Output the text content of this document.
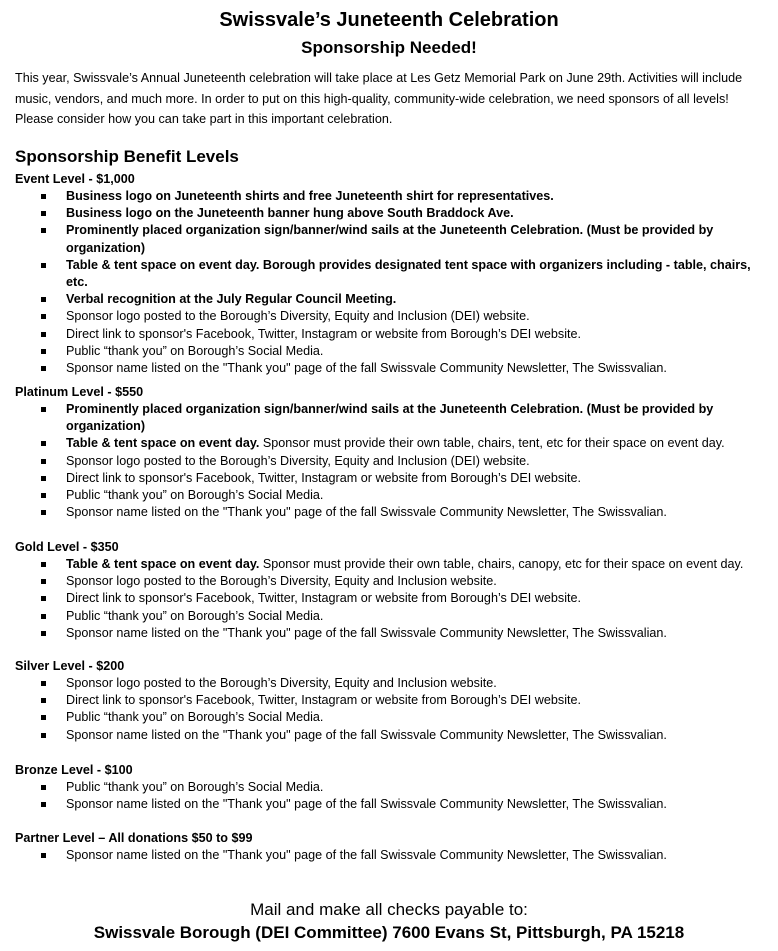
Swissvale’s Juneteenth Celebration
Sponsorship Needed!
This year, Swissvale’s Annual Juneteenth celebration will take place at Les Getz Memorial Park on June 29th. Activities will include music, vendors, and much more. In order to put on this high-quality, community-wide celebration, we need sponsors of all levels! Please consider how you can take part in this important celebration.
Sponsorship Benefit Levels
Event Level - $1,000
Business logo on Juneteenth shirts and free Juneteenth shirt for representatives.
Business logo on the Juneteenth banner hung above South Braddock Ave.
Prominently placed organization sign/banner/wind sails at the Juneteenth Celebration. (Must be provided by organization)
Table & tent space on event day. Borough provides designated tent space with organizers including - table, chairs, etc.
Verbal recognition at the July Regular Council Meeting.
Sponsor logo posted to the Borough’s Diversity, Equity and Inclusion (DEI) website.
Direct link to sponsor's Facebook, Twitter, Instagram or website from Borough’s DEI website.
Public “thank you” on Borough’s Social Media.
Sponsor name listed on the "Thank you" page of the fall Swissvale Community Newsletter, The Swissvalian.
Platinum Level - $550
Prominently placed organization sign/banner/wind sails at the Juneteenth Celebration. (Must be provided by organization)
Table & tent space on event day. Sponsor must provide their own table, chairs, tent, etc for their space on event day.
Sponsor logo posted to the Borough’s Diversity, Equity and Inclusion (DEI) website.
Direct link to sponsor's Facebook, Twitter, Instagram or website from Borough’s DEI website.
Public “thank you” on Borough’s Social Media.
Sponsor name listed on the "Thank you" page of the fall Swissvale Community Newsletter, The Swissvalian.
Gold Level - $350
Table & tent space on event day. Sponsor must provide their own table, chairs, canopy, etc for their space on event day.
Sponsor logo posted to the Borough’s Diversity, Equity and Inclusion website.
Direct link to sponsor's Facebook, Twitter, Instagram or website from Borough’s DEI website.
Public “thank you” on Borough’s Social Media.
Sponsor name listed on the "Thank you" page of the fall Swissvale Community Newsletter, The Swissvalian.
Silver Level - $200
Sponsor logo posted to the Borough’s Diversity, Equity and Inclusion website.
Direct link to sponsor's Facebook, Twitter, Instagram or website from Borough’s DEI website.
Public “thank you” on Borough’s Social Media.
Sponsor name listed on the "Thank you" page of the fall Swissvale Community Newsletter, The Swissvalian.
Bronze Level - $100
Public “thank you” on Borough’s Social Media.
Sponsor name listed on the "Thank you" page of the fall Swissvale Community Newsletter, The Swissvalian.
Partner Level – All donations $50 to $99
Sponsor name listed on the "Thank you" page of the fall Swissvale Community Newsletter, The Swissvalian.
Mail and make all checks payable to:
Swissvale Borough (DEI Committee) 7600 Evans St, Pittsburgh, PA 15218
